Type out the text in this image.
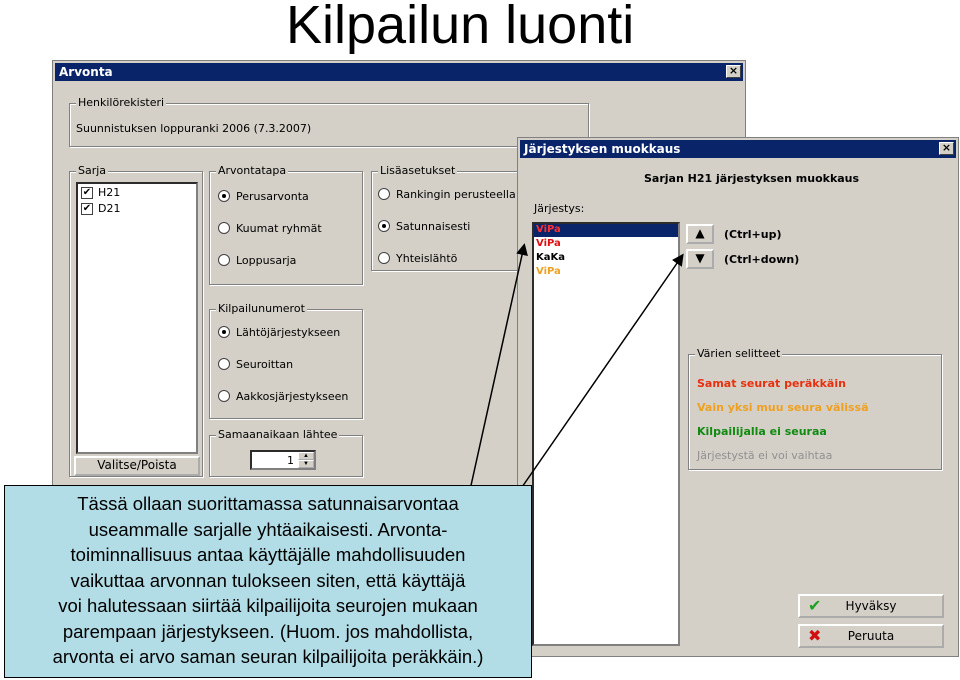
Kilpailun luonti
Arvonta	×
Henkilörekisteri
Suunnistuksen loppuranki 2006 (7.3.2007)
Sarja
✔ H21
✔ D21
Valitse/Poista
Arvontatapa
Perusarvonta
Kuumat ryhmät
Loppusarja
Kilpailunumerot
Lähtöjärjestykseen
Seuroittan
Aakkosjärjestykseen
Samaanaikaan lähtee
1	▲
▼
Lisäasetukset
Rankingin perusteella
Satunnaisesti
Yhteislähtö
Järjestyksen muokkaus	×
Sarjan H21 järjestyksen muokkaus
Järjestys:
ViPa
ViPa
KaKa
ViPa
▲	(Ctrl+up)
▼	(Ctrl+down)
Värien selitteet
Samat seurat peräkkäin
Vain yksi muu seura välissä
Kilpailijalla ei seuraa
Järjestystä ei voi vaihtaa
✔ Hyväksy
✖ Peruuta
Tässä ollaan suorittamassa satunnaisarvontaa
useammalle sarjalle yhtäaikaisesti. Arvonta-
toiminnallisuus antaa käyttäjälle mahdollisuuden
vaikuttaa arvonnan tulokseen siten, että käyttäjä
voi halutessaan siirtää kilpailijoita seurojen mukaan
parempaan järjestykseen. (Huom. jos mahdollista,
arvonta ei arvo saman seuran kilpailijoita peräkkäin.)
